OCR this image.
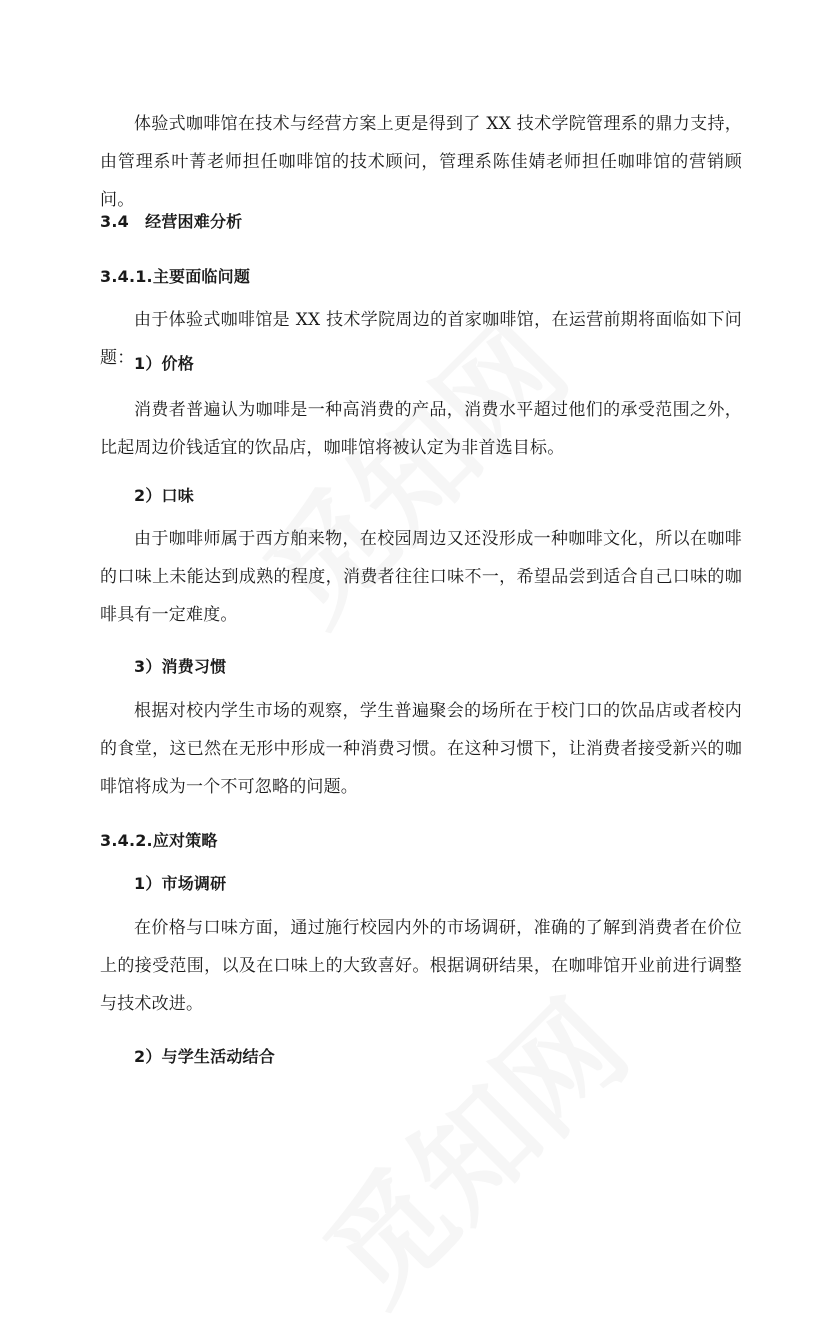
体验式咖啡馆在技术与经营方案上更是得到了 XX 技术学院管理系的鼎力支持，由管理系叶菁老师担任咖啡馆的技术顾问，管理系陈佳婧老师担任咖啡馆的营销顾问。

3.4　经营困难分析
3.4.1.主要面临问题

由于体验式咖啡馆是 XX 技术学院周边的首家咖啡馆，在运营前期将面临如下问题： 1）价格

消费者普遍认为咖啡是一种高消费的产品，消费水平超过他们的承受范围之外，比起周边价钱适宜的饮品店，咖啡馆将被认定为非首选目标。

2）口味

由于咖啡师属于西方舶来物，在校园周边又还没形成一种咖啡文化，所以在咖啡的口味上未能达到成熟的程度，消费者往往口味不一，希望品尝到适合自己口味的咖啡具有一定难度。

3）消费习惯

根据对校内学生市场的观察，学生普遍聚会的场所在于校门口的饮品店或者校内的食堂，这已然在无形中形成一种消费习惯。在这种习惯下，让消费者接受新兴的咖啡馆将成为一个不可忽略的问题。

3.4.2.应对策略
1）市场调研

在价格与口味方面，通过施行校园内外的市场调研，准确的了解到消费者在价位上的接受范围，以及在口味上的大致喜好。根据调研结果，在咖啡馆开业前进行调整与技术改进。

2）与学生活动结合
